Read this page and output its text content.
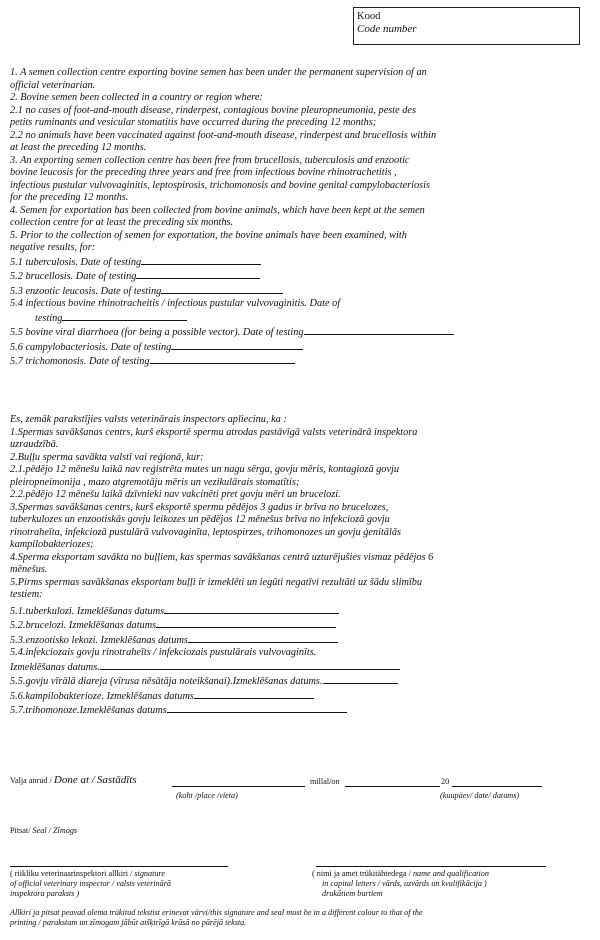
Kood
Code number
1. A semen collection centre exporting bovine semen has been under the permanent supervision of an
official veterinarian.
2. Bovine semen been collected in a country or region where:
2.1 no cases of foot-and-mouth disease, rinderpest, contagious bovine pleuropneumonia, peste des
petits ruminants and vesicular stomatitis have occurred during the preceding 12 months;
2.2 no animals have been vaccinated against foot-and-mouth disease, rinderpest and brucellosis within
at least the preceding 12 months.
3. An exporting semen collection centre has been free from brucellosis, tuberculosis and enzootic
bovine leucosis for the preceding three years and free from infectious bovine rhinotrachetitis ,
infectious pustular vulvovaginitis, leptospirosis, trichomonosis and bovine genital campylobacteriosis
for the preceding 12 months.
4. Semen for exportation has been collected from bovine animals, which have been kept at the semen
collection centre for at least the preceding six months.
5. Prior to the collection of semen for exportation, the bovine animals have been examined, with
negative results, for:
5.1 tuberculosis. Date of testing
5.2 brucellosis. Date of testing
5.3 enzootic leucosis. Date of testing
5.4 infectious bovine rhinotracheitis / infectious pustular vulvovaginitis. Date of
testing
5.5 bovine viral diarrhoea (for being a possible vector). Date of testing
5.6 campylobacteriosis. Date of testing
5.7 trichomonosis. Date of testing
Es, zemāk parakstījies valsts veterinārais inspectors apliecinu, ka :
1.Spermas savākšanas centrs, kurš eksportē spermu atrodas pastāvīgā valsts veterinārā inspektora
uzraudzībā.
2.Buļļu sperma savākta valstī vai reģionā, kur:
2.1.pēdējo 12 mēnešu laikā nav reģistrēta mutes un nagu sērga, govju mēris, kontagiozā govju
pleiropneimonija , mazo atgremotāju mēris un vezikulārais stomatītis;
2.2.pēdējo 12 mēnešu laikā dzīvnieki nav vakcinēti pret govju mēri un brucelozi.
3.Spermas savākšanas centrs, kurš eksportē spermu pēdējos 3 gadus ir brīva no brucelozes,
tuberkulozes un enzootiskās govju leikozes un pēdējos 12 mēnešus brīva no infekciozā govju
rinotraheīta, infekciozā pustulārā vulvovaginīta, leptospirzes, trihomonozes un govju ģenitālās
kampilobakteriozes;
4.Sperma eksportam savākta no buļļiem, kas spermas savākšanas centrā uzturējušies vismaz pēdējos 6
mēnešus.
5.Pirms spermas savākšanas eksportam buļļi ir izmeklēti un iegūti negatīvi rezultāti uz šādu slimību
testiem:
5.1.tuberkulozi. Izmeklēšanas datums
5.2.brucelozi. Izmeklēšanas datums
5.3.enzootisko lekozi. Izmeklēšanas datums
5.4.infekciozais govju rinotraheīts / infekciozais pustulārais vulvovaginīts.
Izmeklēšanas datums.
5.5.govju vīrālā diareja (vīrusa nēsātāja noteikšanai).Izmeklēšanas datums.
5.6.kampilobakterioze. Izmeklēšanas datums
5.7.trihomonoze.Izmeklēšanas datums
Valja anrud / Done at / Sastādīts	millal/on	20
(koht /place /vieta)	(kuupäev/ date/ datums)
Pitsat/ Seal / Zīmogs
( riikliku veterinaarinspektori allkiri / signature
of official veterinary inspector / valsts veterinārā
inspektora paraksts )
( nimi ja amet trükitähtedega / name and qualification
in capital letters / vārds, uzvārds un kvalifikācija )
drukātiem burtiem
Allkiri ja pitsat peavad olema trükitud tekstist erinevat värvi/this signature and seal must be in a different colour to that of the
printing / parakstam un zīmogam jābūt atšķirīgā krāsā no pārējā teksta.
